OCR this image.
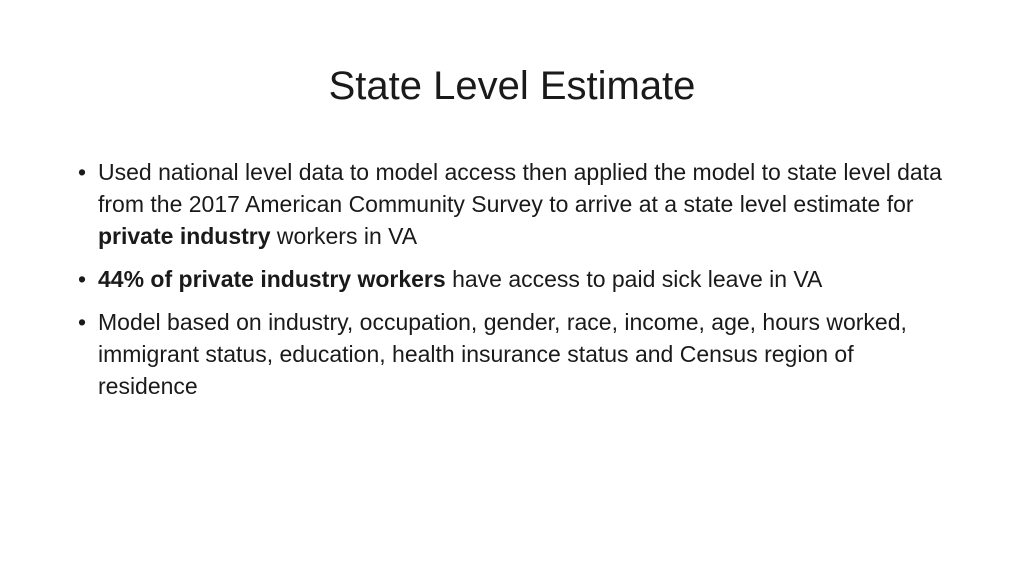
State Level Estimate
• Used national level data to model access then applied the model to state level data from the 2017 American Community Survey to arrive at a state level estimate for private industry workers in VA
• 44% of private industry workers have access to paid sick leave in VA
• Model based on industry, occupation, gender, race, income, age, hours worked, immigrant status, education, health insurance status and Census region of residence
